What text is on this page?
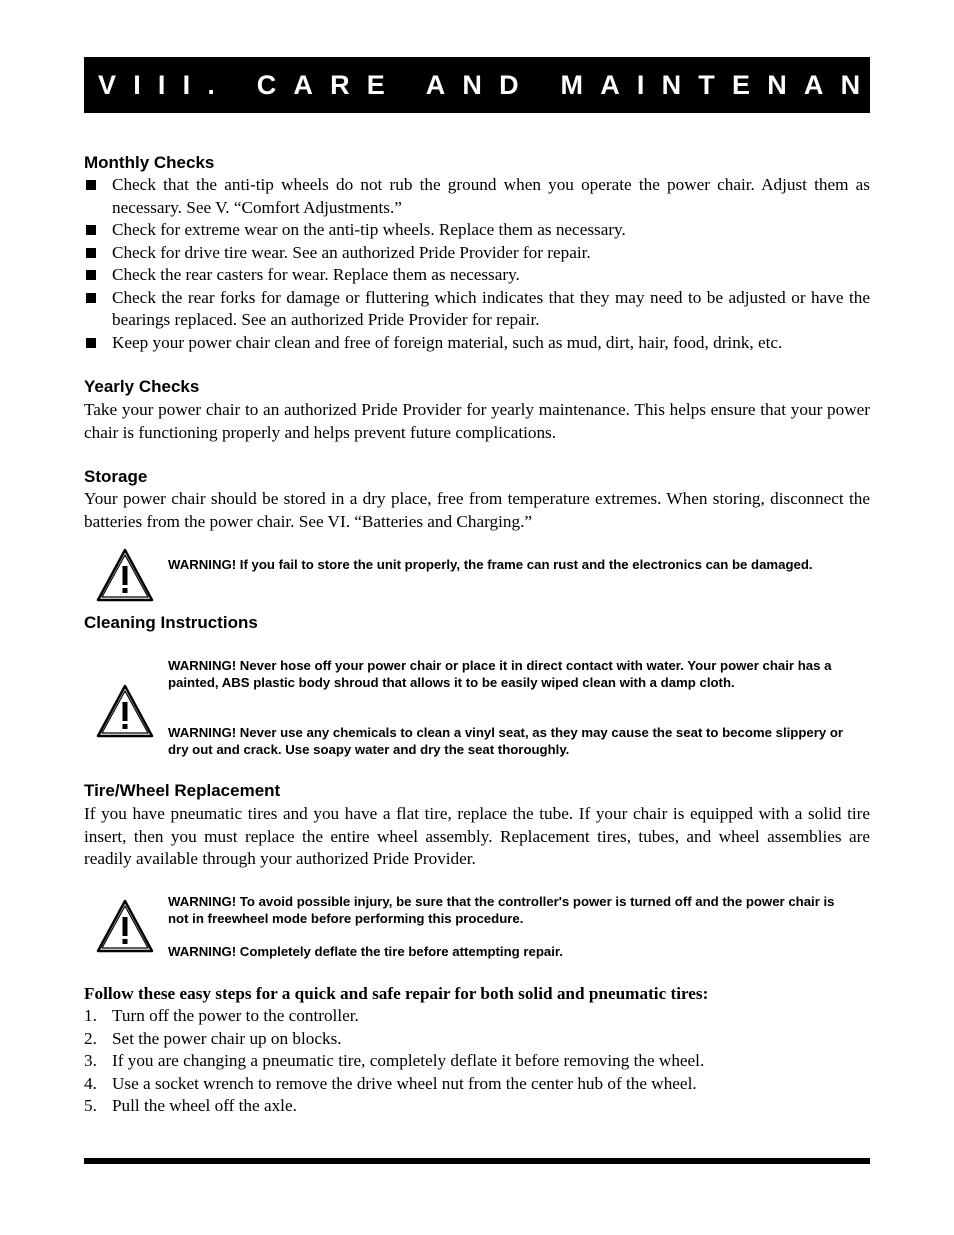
VIII. CARE AND MAINTENANCE
Monthly Checks
Check that the anti-tip wheels do not rub the ground when you operate the power chair. Adjust them as necessary. See V. “Comfort Adjustments.”
Check for extreme wear on the anti-tip wheels. Replace them as necessary.
Check for drive tire wear. See an authorized Pride Provider for repair.
Check the rear casters for wear. Replace them as necessary.
Check the rear forks for damage or fluttering which indicates that they may need to be adjusted or have the bearings replaced. See an authorized Pride Provider for repair.
Keep your power chair clean and free of foreign material, such as mud, dirt, hair, food, drink, etc.
Yearly Checks

Take your power chair to an authorized Pride Provider for yearly maintenance. This helps ensure that your power chair is functioning properly and helps prevent future complications.

Storage

Your power chair should be stored in a dry place, free from temperature extremes. When storing, disconnect the batteries from the power chair. See VI. “Batteries and Charging.”

WARNING! If you fail to store the unit properly, the frame can rust and the electronics can be damaged.

Cleaning Instructions

WARNING! Never hose off your power chair or place it in direct contact with water. Your power chair has a painted, ABS plastic body shroud that allows it to be easily wiped clean with a damp cloth.

WARNING! Never use any chemicals to clean a vinyl seat, as they may cause the seat to become slippery or dry out and crack. Use soapy water and dry the seat thoroughly.

Tire/Wheel Replacement

If you have pneumatic tires and you have a flat tire, replace the tube. If your chair is equipped with a solid tire insert, then you must replace the entire wheel assembly. Replacement tires, tubes, and wheel assemblies are readily available through your authorized Pride Provider.

WARNING! To avoid possible injury, be sure that the controller's power is turned off and the power chair is not in freewheel mode before performing this procedure.

WARNING! Completely deflate the tire before attempting repair.

Follow these easy steps for a quick and safe repair for both solid and pneumatic tires:
1. Turn off the power to the controller.
2. Set the power chair up on blocks.
3. If you are changing a pneumatic tire, completely deflate it before removing the wheel.
4. Use a socket wrench to remove the drive wheel nut from the center hub of the wheel.
5. Pull the wheel off the axle.
